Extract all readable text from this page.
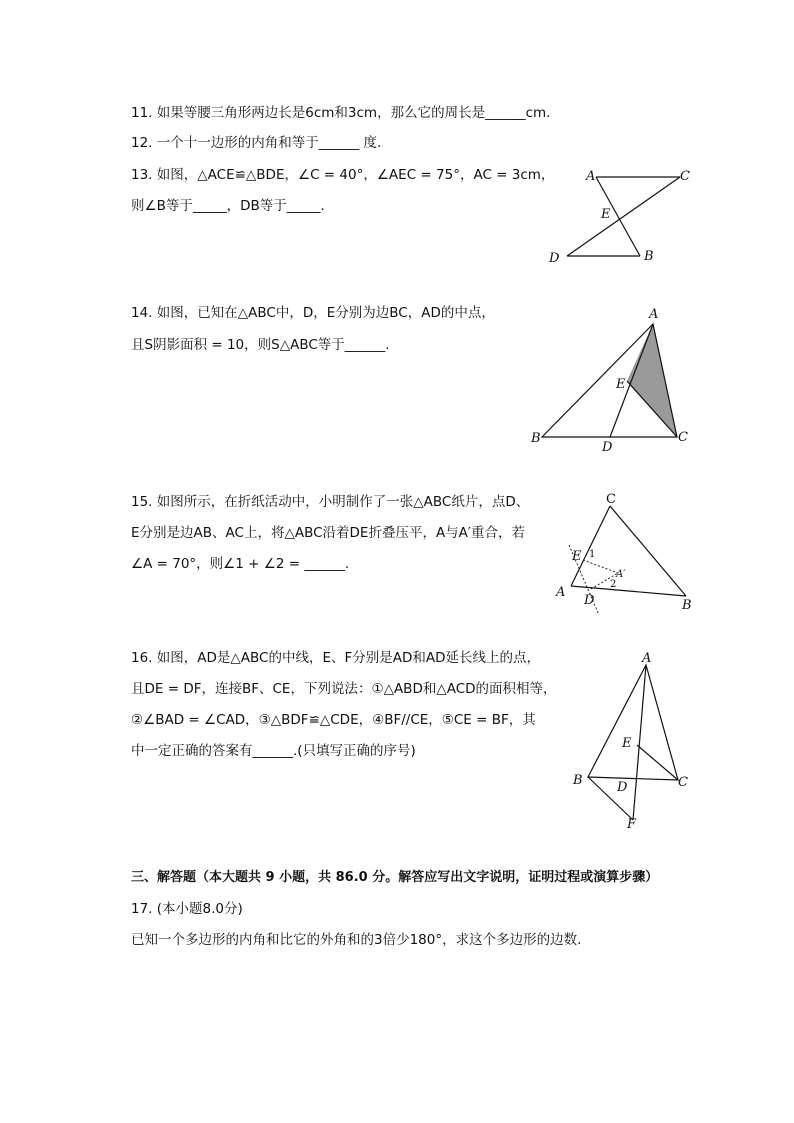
11. 如果等腰三角形两边长是6cm和3cm，那么它的周长是______cm.
12. 一个十一边形的内角和等于______ 度.
13. 如图，△ACE≌△BDE，∠C = 40°，∠AEC = 75°，AC = 3cm，
则∠B等于_____，DB等于_____.
A	C
E
D	B
14. 如图，已知在△ABC中，D，E分别为边BC，AD的中点，
且S阴影面积 = 10，则S△ABC等于______.
A
E
B
D
C
15. 如图所示，在折纸活动中，小明制作了一张△ABC纸片，点D、
E分别是边AB、AC上，将△ABC沿着DE折叠压平，A与A′重合，若
∠A = 70°，则∠1 + ∠2 = ______.
C
E 1
A′
2
A
D	B
16. 如图，AD是△ABC的中线，E、F分别是AD和AD延长线上的点，
且DE = DF，连接BF、CE，下列说法：①△ABD和△ACD的面积相等，
②∠BAD = ∠CAD，③△BDF≌△CDE，④BF//CE，⑤CE = BF，其
中一定正确的答案有______.(只填写正确的序号)
A
E
B	D	C
F
三、解答题（本大题共 9 小题，共 86.0 分。解答应写出文字说明，证明过程或演算步骤）
17. (本小题8.0分)
已知一个多边形的内角和比它的外角和的3倍少180°，求这个多边形的边数.
